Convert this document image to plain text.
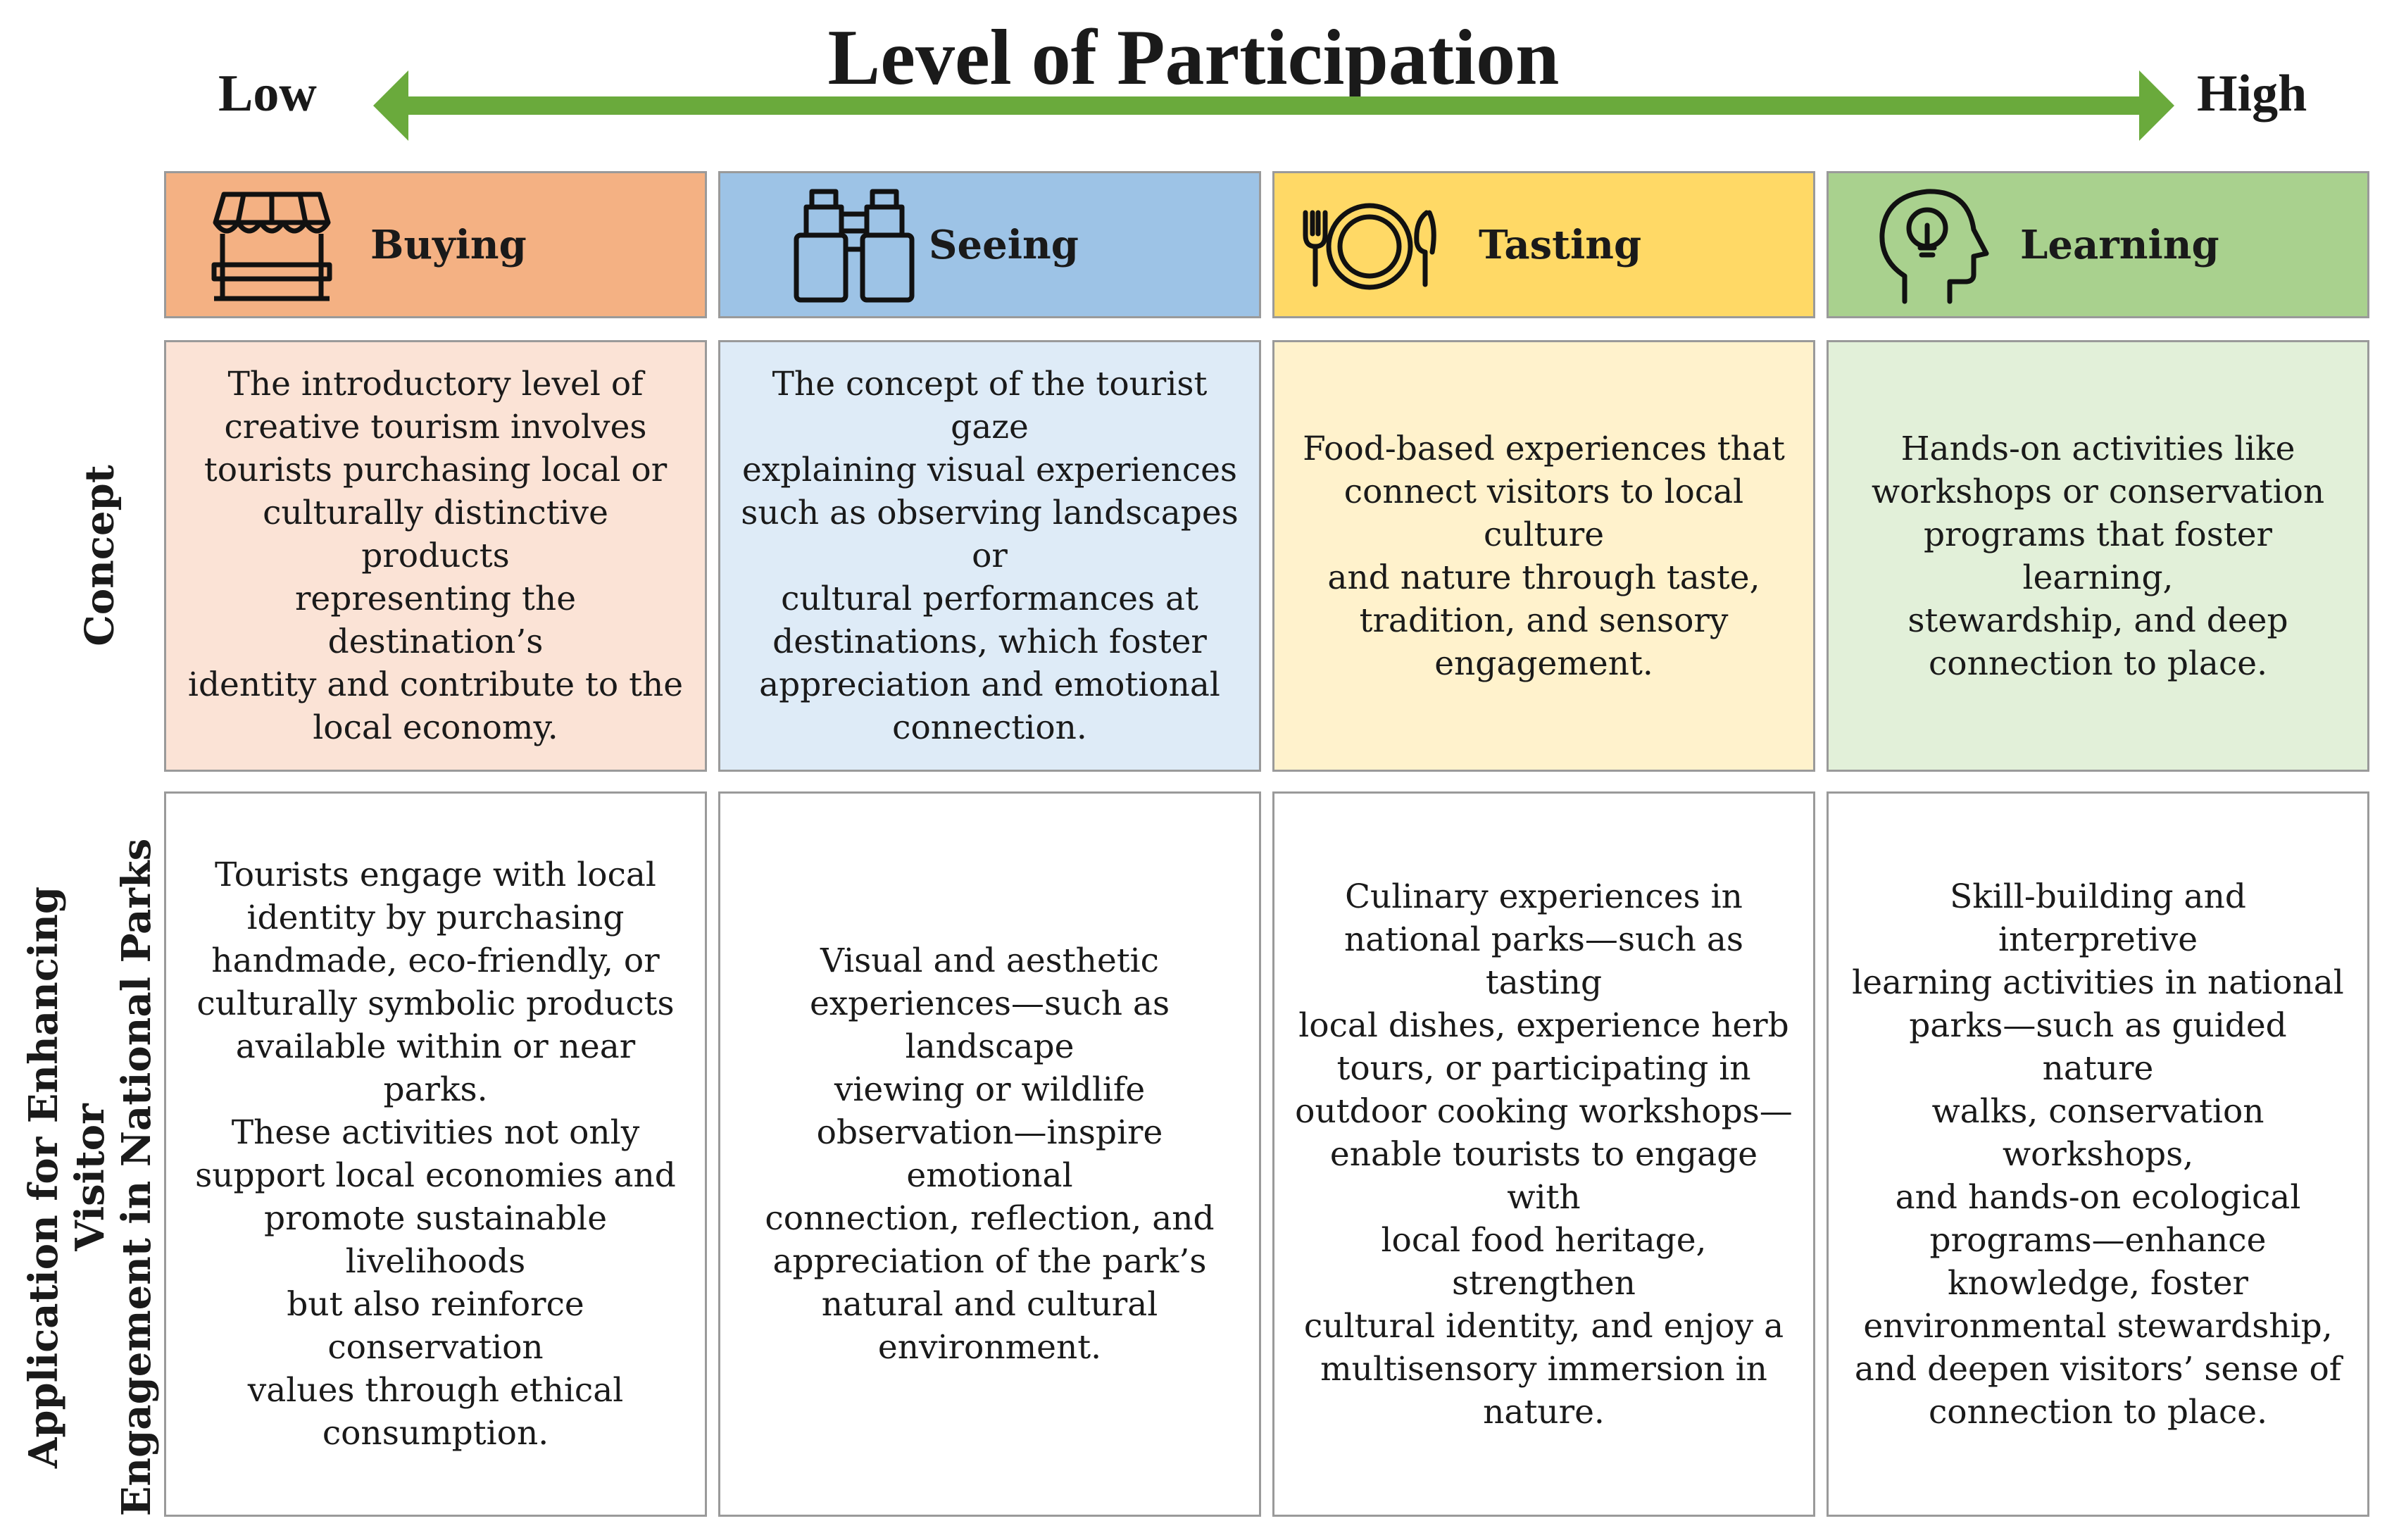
Level of Participation
Low	High
Concept
Application for Enhancing Visitor
Engagement in National Parks
Buying
The introductory level of
creative tourism involves
tourists purchasing local or
culturally distinctive products
representing the destination’s
identity and contribute to the
local economy.
Tourists engage with local
identity by purchasing
handmade, eco-friendly, or
culturally symbolic products
available within or near parks.
These activities not only
support local economies and
promote sustainable livelihoods
but also reinforce conservation
values through ethical
consumption.
Seeing
The concept of the tourist gaze
explaining visual experiences
such as observing landscapes or
cultural performances at
destinations, which foster
appreciation and emotional
connection.
Visual and aesthetic
experiences—such as landscape
viewing or wildlife
observation—inspire emotional
connection, reflection, and
appreciation of the park’s
natural and cultural
environment.
Tasting
Food-based experiences that
connect visitors to local culture
and nature through taste,
tradition, and sensory
engagement.
Culinary experiences in
national parks—such as tasting
local dishes, experience herb
tours, or participating in
outdoor cooking workshops—
enable tourists to engage with
local food heritage, strengthen
cultural identity, and enjoy a
multisensory immersion in
nature.
Learning
Hands-on activities like
workshops or conservation
programs that foster learning,
stewardship, and deep
connection to place.
Skill-building and interpretive
learning activities in national
parks—such as guided nature
walks, conservation workshops,
and hands-on ecological
programs—enhance
knowledge, foster
environmental stewardship,
and deepen visitors’ sense of
connection to place.
